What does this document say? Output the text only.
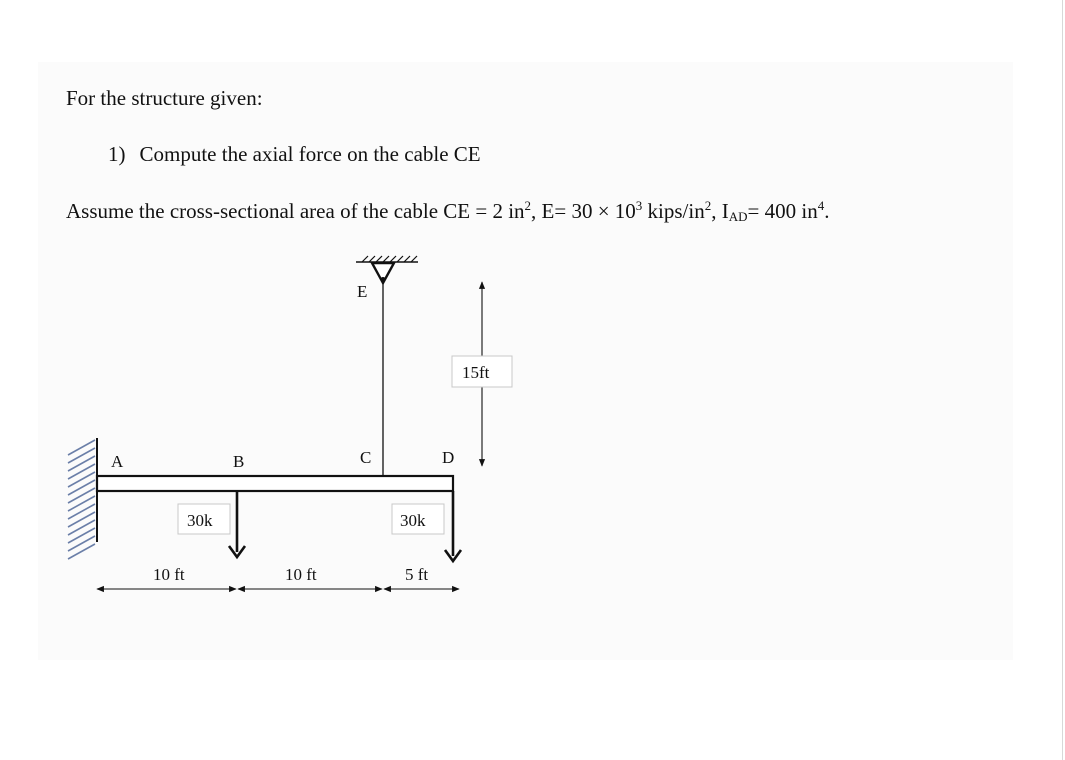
For the structure given:
1) Compute the axial force on the cable CE
Assume the cross-sectional area of the cable CE = 2 $in^2$, $E= 30 \times 10^3$ kips/$in^2$, $I_{AD}= 400$ $in^4$.
E
A	B	C	D
15ft
30k	30k
10 ft	10 ft	5 ft
